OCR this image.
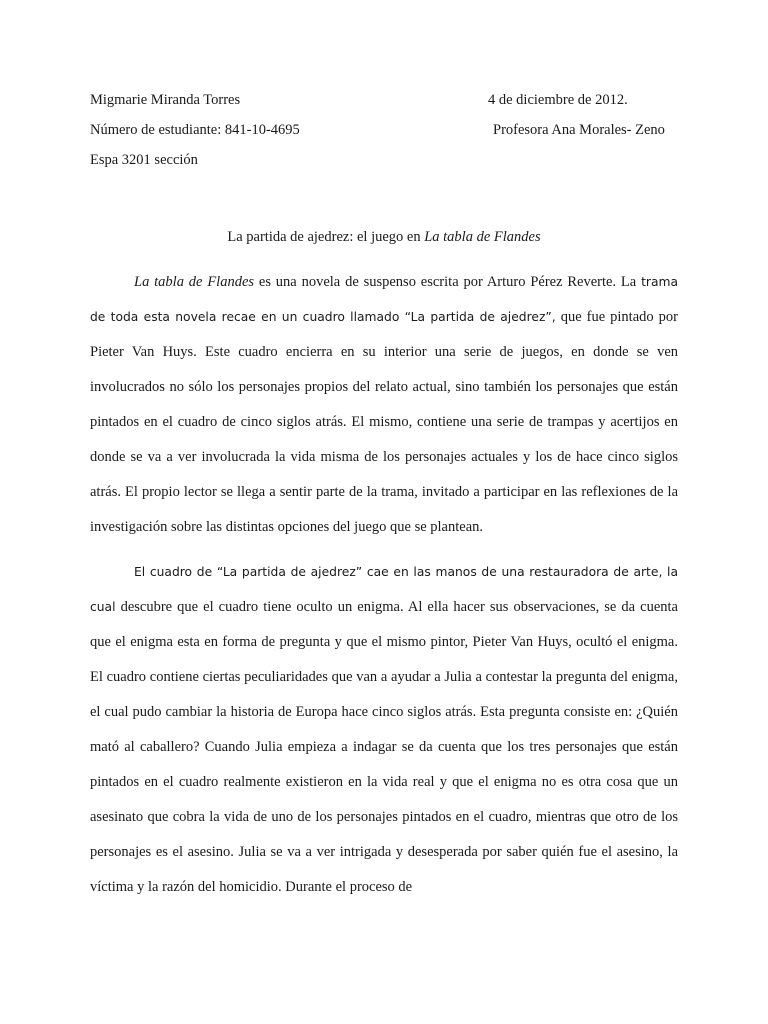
Migmarie Miranda Torres	4 de diciembre de 2012.
Número de estudiante: 841-10-4695	Profesora Ana Morales- Zeno
Espa 3201 sección
La partida de ajedrez: el juego en La tabla de Flandes

La tabla de Flandes es una novela de suspenso escrita por Arturo Pérez Reverte. La trama de toda esta novela recae en un cuadro llamado “La partida de ajedrez”, que fue pintado por Pieter Van Huys. Este cuadro encierra en su interior una serie de juegos, en donde se ven involucrados no sólo los personajes propios del relato actual, sino también los personajes que están pintados en el cuadro de cinco siglos atrás. El mismo, contiene una serie de trampas y acertijos en donde se va a ver involucrada la vida misma de los personajes actuales y los de hace cinco siglos atrás. El propio lector se llega a sentir parte de la trama, invitado a participar en las reflexiones de la investigación sobre las distintas opciones del juego que se plantean.

El cuadro de “La partida de ajedrez” cae en las manos de una restauradora de arte, la cual descubre que el cuadro tiene oculto un enigma. Al ella hacer sus observaciones, se da cuenta que el enigma esta en forma de pregunta y que el mismo pintor, Pieter Van Huys, ocultó el enigma. El cuadro contiene ciertas peculiaridades que van a ayudar a Julia a contestar la pregunta del enigma, el cual pudo cambiar la historia de Europa hace cinco siglos atrás. Esta pregunta consiste en: ¿Quién mató al caballero? Cuando Julia empieza a indagar se da cuenta que los tres personajes que están pintados en el cuadro realmente existieron en la vida real y que el enigma no es otra cosa que un asesinato que cobra la vida de uno de los personajes pintados en el cuadro, mientras que otro de los personajes es el asesino. Julia se va a ver intrigada y desesperada por saber quién fue el asesino, la víctima y la razón del homicidio. Durante el proceso de
